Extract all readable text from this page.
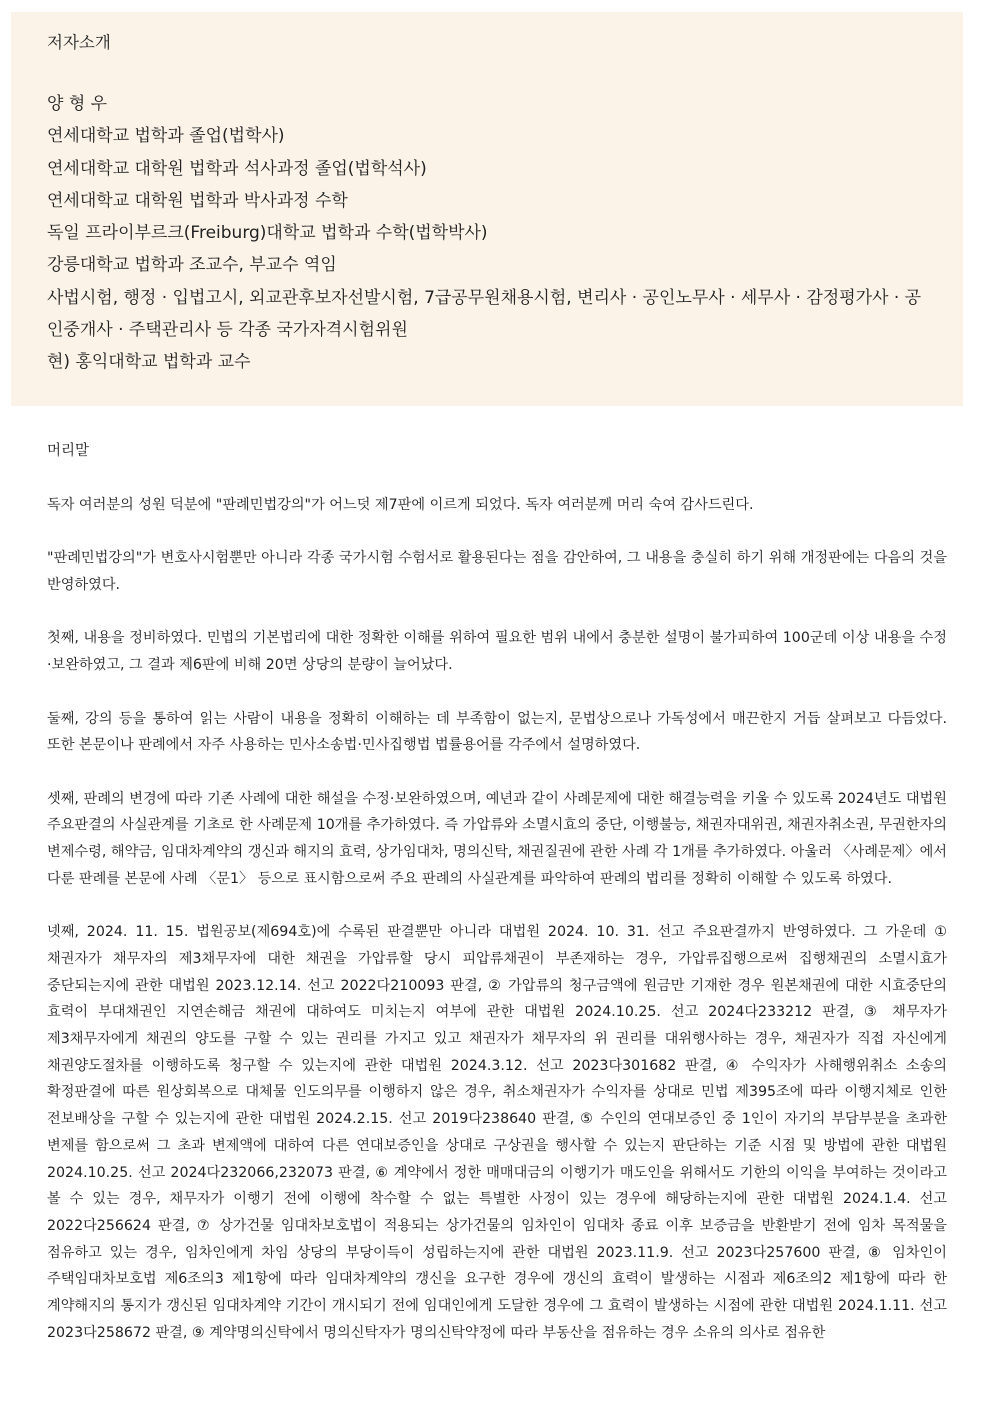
저자소개
양 형 우
연세대학교 법학과 졸업(법학사)
연세대학교 대학원 법학과 석사과정 졸업(법학석사)
연세대학교 대학원 법학과 박사과정 수학
독일 프라이부르크(Freiburg)대학교 법학과 수학(법학박사)
강릉대학교 법학과 조교수, 부교수 역임
사법시험, 행정 · 입법고시, 외교관후보자선발시험, 7급공무원채용시험, 변리사 · 공인노무사 · 세무사 · 감정평가사 · 공인중개사 · 주택관리사 등 각종 국가자격시험위원
현) 홍익대학교 법학과 교수
머리말

독자 여러분의 성원 덕분에 "판례민법강의"가 어느덧 제7판에 이르게 되었다. 독자 여러분께 머리 숙여 감사드린다.

"판례민법강의"가 변호사시험뿐만 아니라 각종 국가시험 수험서로 활용된다는 점을 감안하여, 그 내용을 충실히 하기 위해 개정판에는 다음의 것을 반영하였다.

첫째, 내용을 정비하였다. 민법의 기본법리에 대한 정확한 이해를 위하여 필요한 범위 내에서 충분한 설명이 불가피하여 100군데 이상 내용을 수정·보완하였고, 그 결과 제6판에 비해 20면 상당의 분량이 늘어났다.

둘째, 강의 등을 통하여 읽는 사람이 내용을 정확히 이해하는 데 부족함이 없는지, 문법상으로나 가독성에서 매끈한지 거듭 살펴보고 다듬었다. 또한 본문이나 판례에서 자주 사용하는 민사소송법·민사집행법 법률용어를 각주에서 설명하였다.

셋째, 판례의 변경에 따라 기존 사례에 대한 해설을 수정·보완하였으며, 예년과 같이 사례문제에 대한 해결능력을 키울 수 있도록 2024년도 대법원 주요판결의 사실관계를 기초로 한 사례문제 10개를 추가하였다. 즉 가압류와 소멸시효의 중단, 이행불능, 채권자대위권, 채권자취소권, 무권한자의 변제수령, 해약금, 임대차계약의 갱신과 해지의 효력, 상가임대차, 명의신탁, 채권질권에 관한 사례 각 1개를 추가하였다. 아울러 〈사례문제〉에서 다룬 판례를 본문에 사례 〈문1〉 등으로 표시함으로써 주요 판례의 사실관계를 파악하여 판례의 법리를 정확히 이해할 수 있도록 하였다.

넷째, 2024. 11. 15. 법원공보(제694호)에 수록된 판결뿐만 아니라 대법원 2024. 10. 31. 선고 주요판결까지 반영하였다. 그 가운데 ① 채권자가 채무자의 제3채무자에 대한 채권을 가압류할 당시 피압류채권이 부존재하는 경우, 가압류집행으로써 집행채권의 소멸시효가 중단되는지에 관한 대법원 2023.12.14. 선고 2022다210093 판결, ② 가압류의 청구금액에 원금만 기재한 경우 원본채권에 대한 시효중단의 효력이 부대채권인 지연손해금 채권에 대하여도 미치는지 여부에 관한 대법원 2024.10.25. 선고 2024다233212 판결, ③ 채무자가 제3채무자에게 채권의 양도를 구할 수 있는 권리를 가지고 있고 채권자가 채무자의 위 권리를 대위행사하는 경우, 채권자가 직접 자신에게 채권양도절차를 이행하도록 청구할 수 있는지에 관한 대법원 2024.3.12. 선고 2023다301682 판결, ④ 수익자가 사해행위취소 소송의 확정판결에 따른 원상회복으로 대체물 인도의무를 이행하지 않은 경우, 취소채권자가 수익자를 상대로 민법 제395조에 따라 이행지체로 인한 전보배상을 구할 수 있는지에 관한 대법원 2024.2.15. 선고 2019다238640 판결, ⑤ 수인의 연대보증인 중 1인이 자기의 부담부분을 초과한 변제를 함으로써 그 초과 변제액에 대하여 다른 연대보증인을 상대로 구상권을 행사할 수 있는지 판단하는 기준 시점 및 방법에 관한 대법원 2024.10.25. 선고 2024다232066,232073 판결, ⑥ 계약에서 정한 매매대금의 이행기가 매도인을 위해서도 기한의 이익을 부여하는 것이라고 볼 수 있는 경우, 채무자가 이행기 전에 이행에 착수할 수 없는 특별한 사정이 있는 경우에 해당하는지에 관한 대법원 2024.1.4. 선고 2022다256624 판결, ⑦ 상가건물 임대차보호법이 적용되는 상가건물의 임차인이 임대차 종료 이후 보증금을 반환받기 전에 임차 목적물을 점유하고 있는 경우, 임차인에게 차임 상당의 부당이득이 성립하는지에 관한 대법원 2023.11.9. 선고 2023다257600 판결, ⑧ 임차인이 주택임대차보호법 제6조의3 제1항에 따라 임대차계약의 갱신을 요구한 경우에 갱신의 효력이 발생하는 시점과 제6조의2 제1항에 따라 한 계약해지의 통지가 갱신된 임대차계약 기간이 개시되기 전에 임대인에게 도달한 경우에 그 효력이 발생하는 시점에 관한 대법원 2024.1.11. 선고 2023다258672 판결, ⑨ 계약명의신탁에서 명의신탁자가 명의신탁약정에 따라 부동산을 점유하는 경우 소유의 의사로 점유한
